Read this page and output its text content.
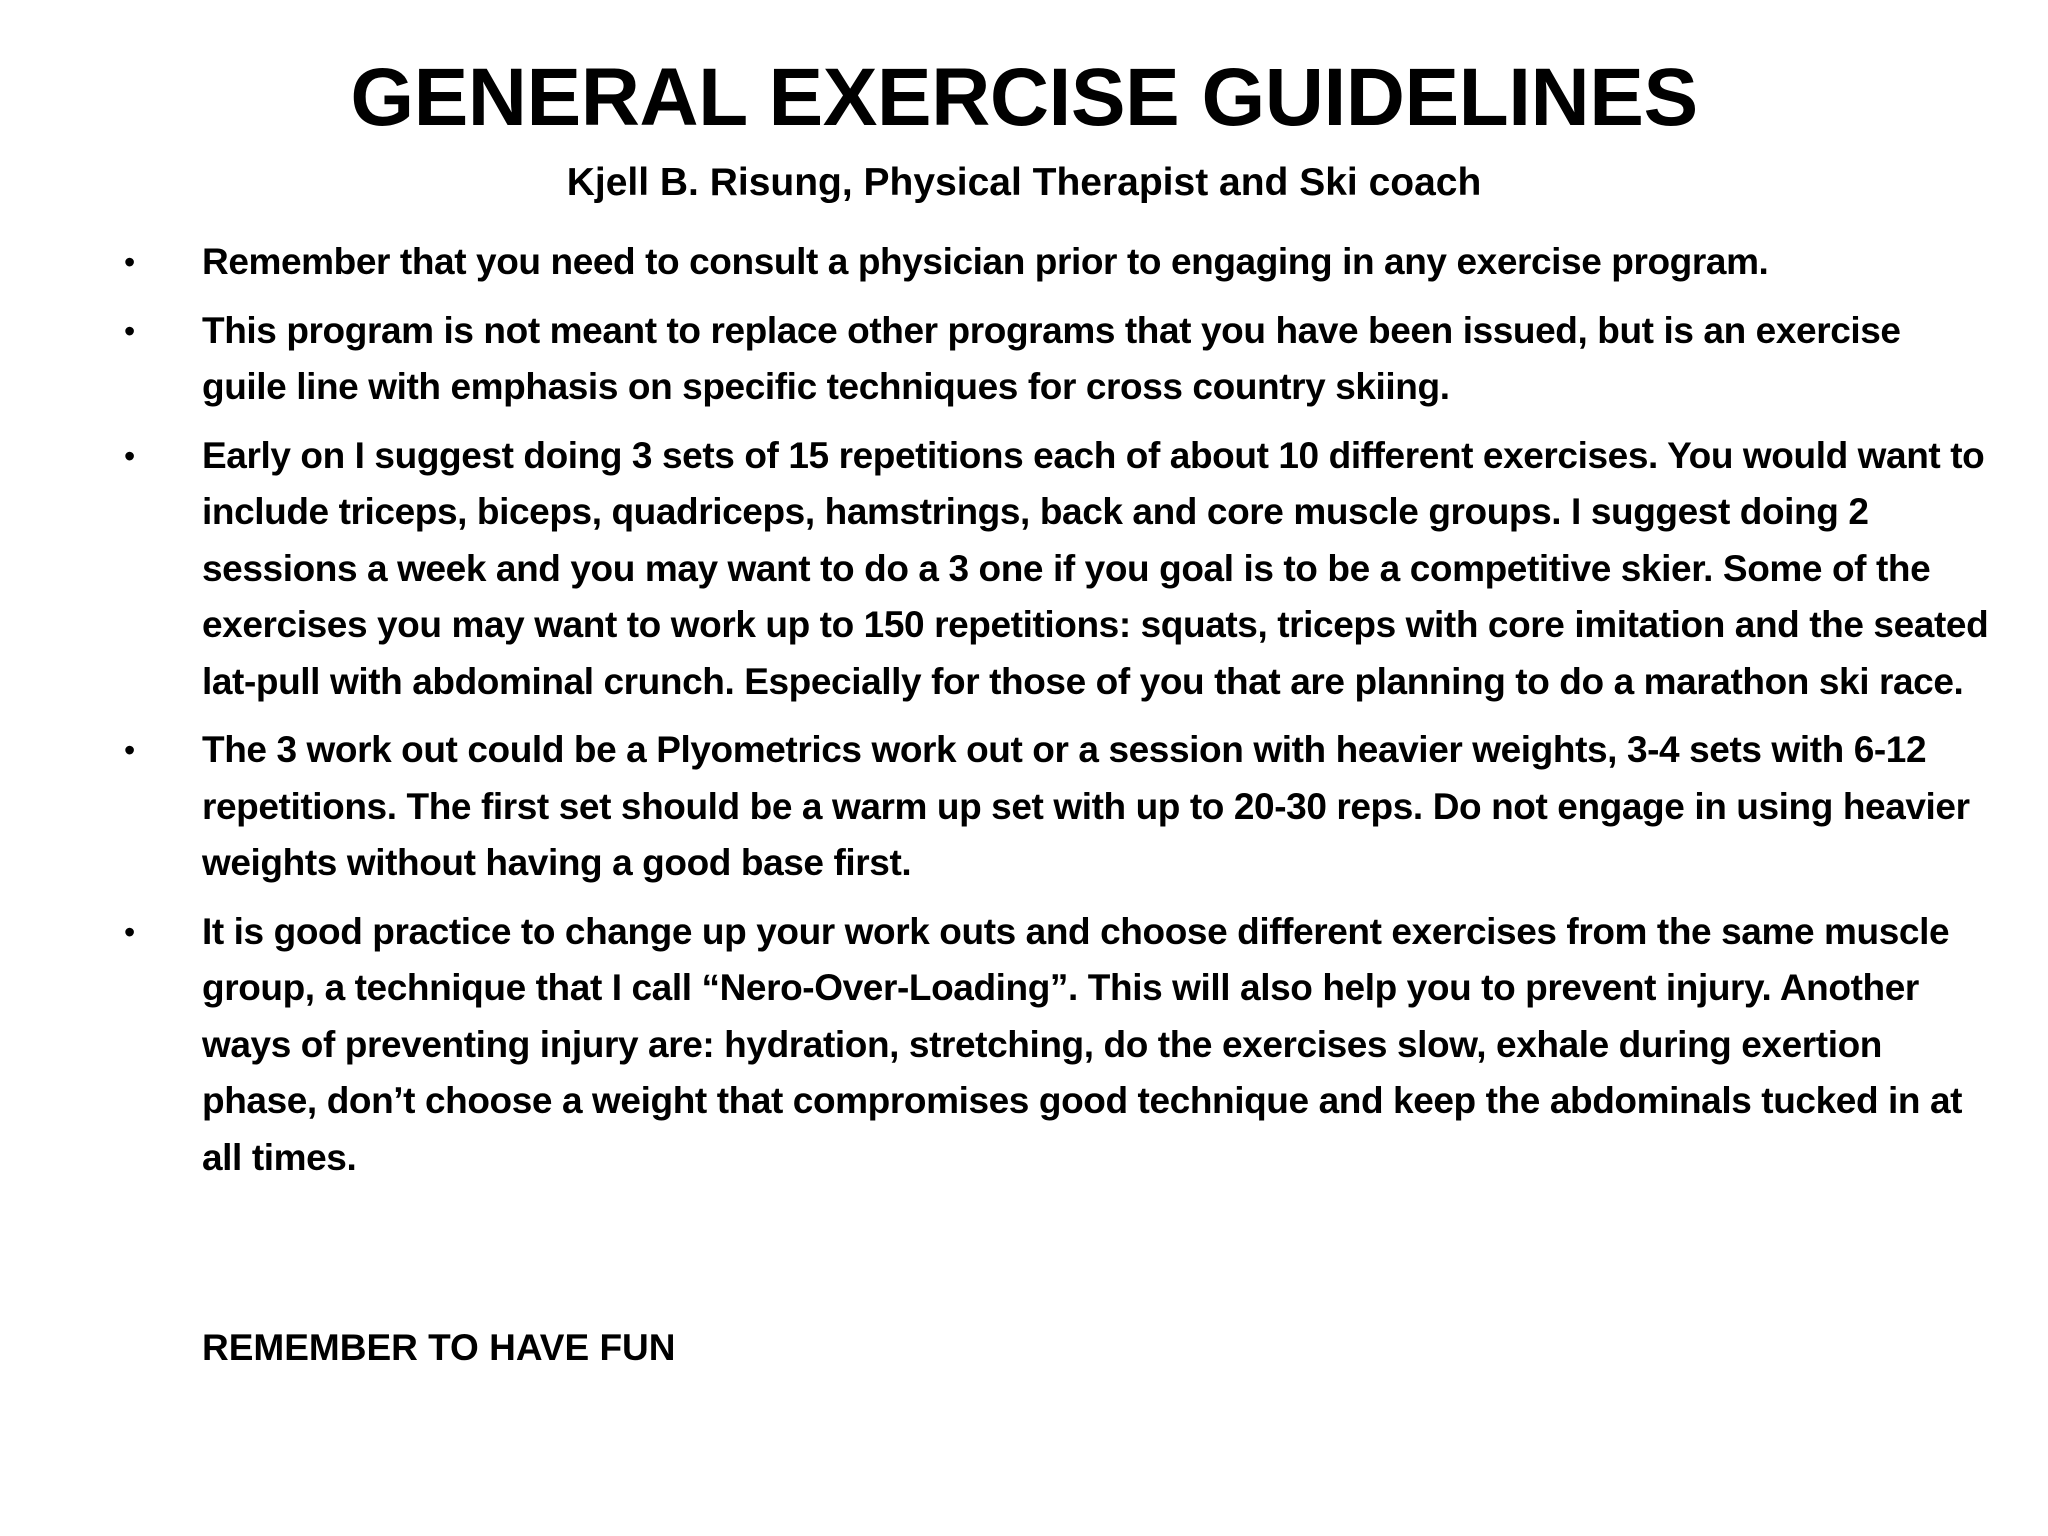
GENERAL EXERCISE GUIDELINES
Kjell B. Risung, Physical Therapist and Ski coach
• Remember that you need to consult a physician prior to engaging in any exercise program.
• This program is not meant to replace other programs that you have been issued, but is an exercise guile line with emphasis on specific techniques for cross country skiing.
• Early on I suggest doing 3 sets of 15 repetitions each of about 10 different exercises. You would want to include triceps, biceps, quadriceps, hamstrings, back and core muscle groups. I suggest doing 2 sessions a week and you may want to do a 3 one if you goal is to be a competitive skier. Some of the exercises you may want to work up to 150 repetitions: squats, triceps with core imitation and the seated lat-pull with abdominal crunch. Especially for those of you that are planning to do a marathon ski race.
• The 3 work out could be a Plyometrics work out or a session with heavier weights, 3-4 sets with 6-12 repetitions. The first set should be a warm up set with up to 20-30 reps. Do not engage in using heavier weights without having a good base first.
• It is good practice to change up your work outs and choose different exercises from the same muscle group, a technique that I call “Nero-Over-Loading”. This will also help you to prevent injury. Another ways of preventing injury are: hydration, stretching, do the exercises slow, exhale during exertion phase, don’t choose a weight that compromises good technique and keep the abdominals tucked in at all times.
REMEMBER TO HAVE FUN
